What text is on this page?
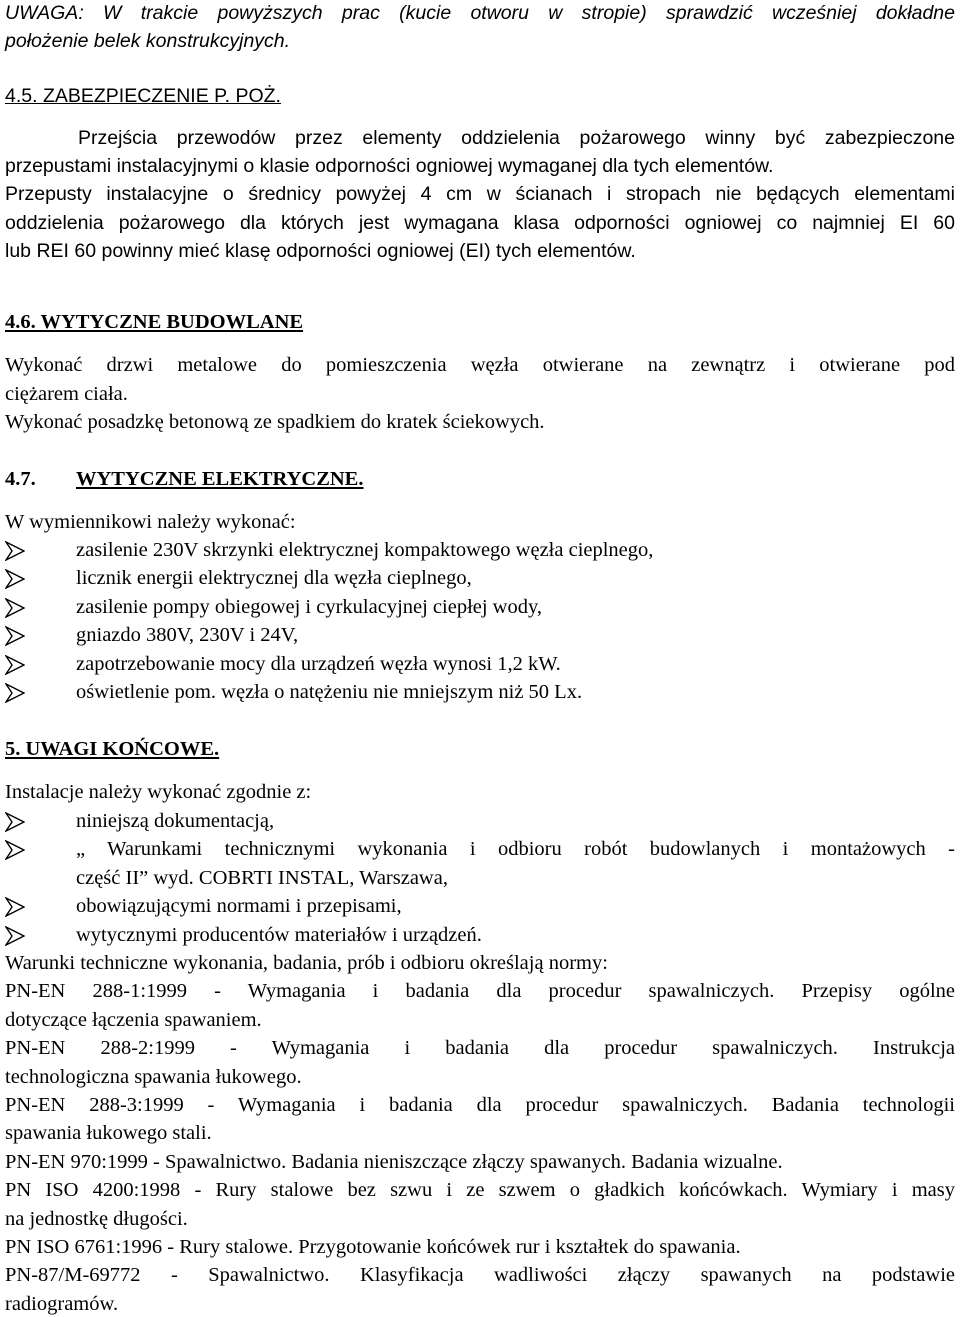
UWAGA: W trakcie powyższych prac (kucie otworu w stropie) sprawdzić wcześniej dokładne
położenie belek konstrukcyjnych.
4.5. ZABEZPIECZENIE P. POŻ.
Przejścia przewodów przez elementy oddzielenia pożarowego winny być zabezpieczone
przepustami instalacyjnymi o klasie odporności ogniowej wymaganej dla tych elementów.
Przepusty instalacyjne o średnicy powyżej 4 cm w ścianach i stropach nie będących elementami
oddzielenia pożarowego dla których jest wymagana klasa odporności ogniowej co najmniej EI 60
lub REI 60 powinny mieć klasę odporności ogniowej (EI) tych elementów.
4.6. WYTYCZNE BUDOWLANE
Wykonać drzwi metalowe do pomieszczenia węzła otwierane na zewnątrz i otwierane pod
ciężarem ciała.
Wykonać posadzkę betonową ze spadkiem do kratek ściekowych.
4.7. WYTYCZNE ELEKTRYCZNE.
W wymiennikowi należy wykonać:
zasilenie 230V skrzynki elektrycznej kompaktowego węzła cieplnego,
licznik energii elektrycznej dla węzła cieplnego,
zasilenie pompy obiegowej i cyrkulacyjnej ciepłej wody,
gniazdo 380V, 230V i 24V,
zapotrzebowanie mocy dla urządzeń węzła wynosi 1,2 kW.
oświetlenie pom. węzła o natężeniu nie mniejszym niż 50 Lx.
5. UWAGI KOŃCOWE.
Instalacje należy wykonać zgodnie z:
niniejszą dokumentacją,
„ Warunkami technicznymi wykonania i odbioru robót budowlanych i montażowych -
część II” wyd. COBRTI INSTAL, Warszawa,
obowiązującymi normami i przepisami,
wytycznymi producentów materiałów i urządzeń.
Warunki techniczne wykonania, badania, prób i odbioru określają normy:
PN-EN 288-1:1999 - Wymagania i badania dla procedur spawalniczych. Przepisy ogólne
dotyczące łączenia spawaniem.
PN-EN 288-2:1999 - Wymagania i badania dla procedur spawalniczych. Instrukcja
technologiczna spawania łukowego.
PN-EN 288-3:1999 - Wymagania i badania dla procedur spawalniczych. Badania technologii
spawania łukowego stali.
PN-EN 970:1999 - Spawalnictwo. Badania nieniszczące złączy spawanych. Badania wizualne.
PN ISO 4200:1998 - Rury stalowe bez szwu i ze szwem o gładkich końcówkach. Wymiary i masy
na jednostkę długości.
PN ISO 6761:1996 - Rury stalowe. Przygotowanie końcówek rur i kształtek do spawania.
PN-87/M-69772 - Spawalnictwo. Klasyfikacja wadliwości złączy spawanych na podstawie
radiogramów.
